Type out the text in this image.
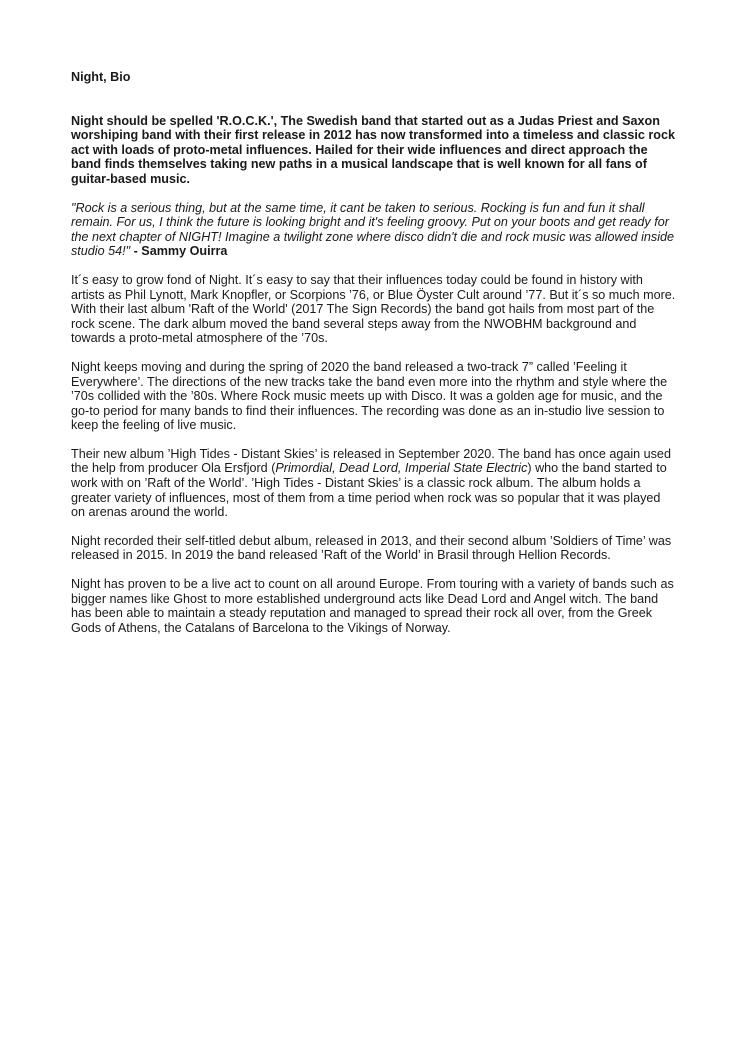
Night, Bio

Night should be spelled 'R.O.C.K.', The Swedish band that started out as a Judas Priest and Saxon worshiping band with their first release in 2012 has now transformed into a timeless and classic rock act with loads of proto-metal influences. Hailed for their wide influences and direct approach the band finds themselves taking new paths in a musical landscape that is well known for all fans of guitar-based music.

"Rock is a serious thing, but at the same time, it cant be taken to serious. Rocking is fun and fun it shall remain. For us, I think the future is looking bright and it's feeling groovy. Put on your boots and get ready for the next chapter of NIGHT! Imagine a twilight zone where disco didn't die and rock music was allowed inside studio 54!" - Sammy Ouirra

It´s easy to grow fond of Night. It´s easy to say that their influences today could be found in history with artists as Phil Lynott, Mark Knopfler, or Scorpions ’76, or Blue Öyster Cult around ’77. But it´s so much more. With their last album 'Raft of the World' (2017 The Sign Records) the band got hails from most part of the rock scene. The dark album moved the band several steps away from the NWOBHM background and towards a proto-metal atmosphere of the ’70s.

Night keeps moving and during the spring of 2020 the band released a two-track 7” called ’Feeling it Everywhere’. The directions of the new tracks take the band even more into the rhythm and style where the ’70s collided with the ’80s. Where Rock music meets up with Disco. It was a golden age for music, and the go-to period for many bands to find their influences. The recording was done as an in-studio live session to keep the feeling of live music.

Their new album ’High Tides - Distant Skies’ is released in September 2020. The band has once again used the help from producer Ola Ersfjord (Primordial, Dead Lord, Imperial State Electric) who the band started to work with on ’Raft of the World’. ’High Tides - Distant Skies’ is a classic rock album. The album holds a greater variety of influences, most of them from a time period when rock was so popular that it was played on arenas around the world.

Night recorded their self-titled debut album, released in 2013, and their second album ’Soldiers of Time’ was released in 2015. In 2019 the band released ’Raft of the World’ in Brasil through Hellion Records.

Night has proven to be a live act to count on all around Europe. From touring with a variety of bands such as bigger names like Ghost to more established underground acts like Dead Lord and Angel witch. The band has been able to maintain a steady reputation and managed to spread their rock all over, from the Greek Gods of Athens, the Catalans of Barcelona to the Vikings of Norway.
